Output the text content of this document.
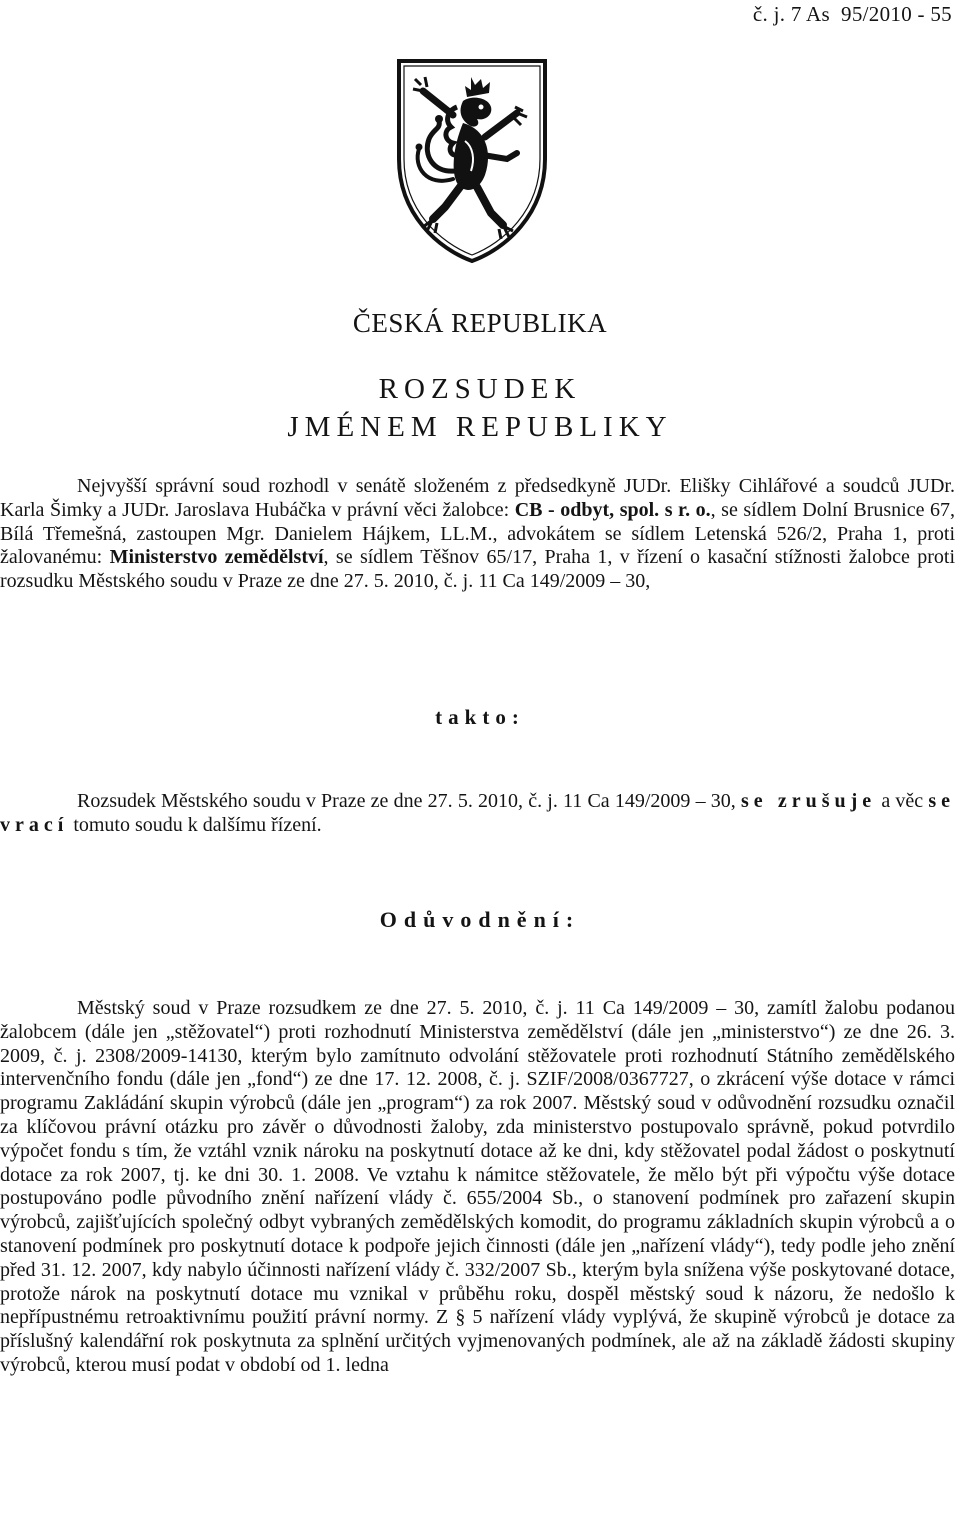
č. j. 7 As  95/2010 - 55
ČESKÁ REPUBLIKA
ROZSUDEK
JMÉNEM REPUBLIKY
Nejvyšší správní soud rozhodl v senátě složeném z předsedkyně JUDr. Elišky Cihlářové a soudců JUDr. Karla Šimky a JUDr. Jaroslava Hubáčka v právní věci žalobce: CB - odbyt, spol. s r. o., se sídlem Dolní Brusnice 67, Bílá Třemešná, zastoupen Mgr. Danielem Hájkem, LL.M., advokátem se sídlem Letenská 526/2, Praha 1, proti žalovanému: Ministerstvo zemědělství, se sídlem Těšnov 65/17, Praha 1, v řízení o kasační stížnosti žalobce proti rozsudku Městského soudu v Praze ze dne 27. 5. 2010, č. j. 11 Ca 149/2009 – 30,
takto:
Rozsudek Městského soudu v Praze ze dne 27. 5. 2010, č. j. 11 Ca 149/2009 – 30, se zrušuje a věc se vrací tomuto soudu k dalšímu řízení.
Odůvodnění:
Městský soud v Praze rozsudkem ze dne 27. 5. 2010, č. j. 11 Ca 149/2009 – 30, zamítl žalobu podanou žalobcem (dále jen „stěžovatel“) proti rozhodnutí Ministerstva zemědělství (dále jen „ministerstvo“) ze dne 26. 3. 2009, č. j. 2308/2009-14130, kterým bylo zamítnuto odvolání stěžovatele proti rozhodnutí Státního zemědělského intervenčního fondu (dále jen „fond“) ze dne 17. 12. 2008, č. j. SZIF/2008/0367727, o zkrácení výše dotace v rámci programu Zakládání skupin výrobců (dále jen „program“) za rok 2007. Městský soud v odůvodnění rozsudku označil za klíčovou právní otázku pro závěr o důvodnosti žaloby, zda ministerstvo postupovalo správně, pokud potvrdilo výpočet fondu s tím, že vztáhl vznik nároku na poskytnutí dotace až ke dni, kdy stěžovatel podal žádost o poskytnutí dotace za rok 2007, tj. ke dni 30. 1. 2008. Ve vztahu k námitce stěžovatele, že mělo být při výpočtu výše dotace postupováno podle původního znění nařízení vlády č. 655/2004 Sb., o stanovení podmínek pro zařazení skupin výrobců, zajišťujících společný odbyt vybraných zemědělských komodit, do programu základních skupin výrobců a o stanovení podmínek pro poskytnutí dotace k podpoře jejich činnosti (dále jen „nařízení vlády“), tedy podle jeho znění před 31. 12. 2007, kdy nabylo účinnosti nařízení vlády č. 332/2007 Sb., kterým byla snížena výše poskytované dotace, protože nárok na poskytnutí dotace mu vznikal v průběhu roku, dospěl městský soud k názoru, že nedošlo k nepřípustnému retroaktivnímu použití právní normy. Z § 5 nařízení vlády vyplývá, že skupině výrobců je dotace za příslušný kalendářní rok poskytnuta za splnění určitých vyjmenovaných podmínek, ale až na základě žádosti skupiny výrobců, kterou musí podat v období od 1. ledna
